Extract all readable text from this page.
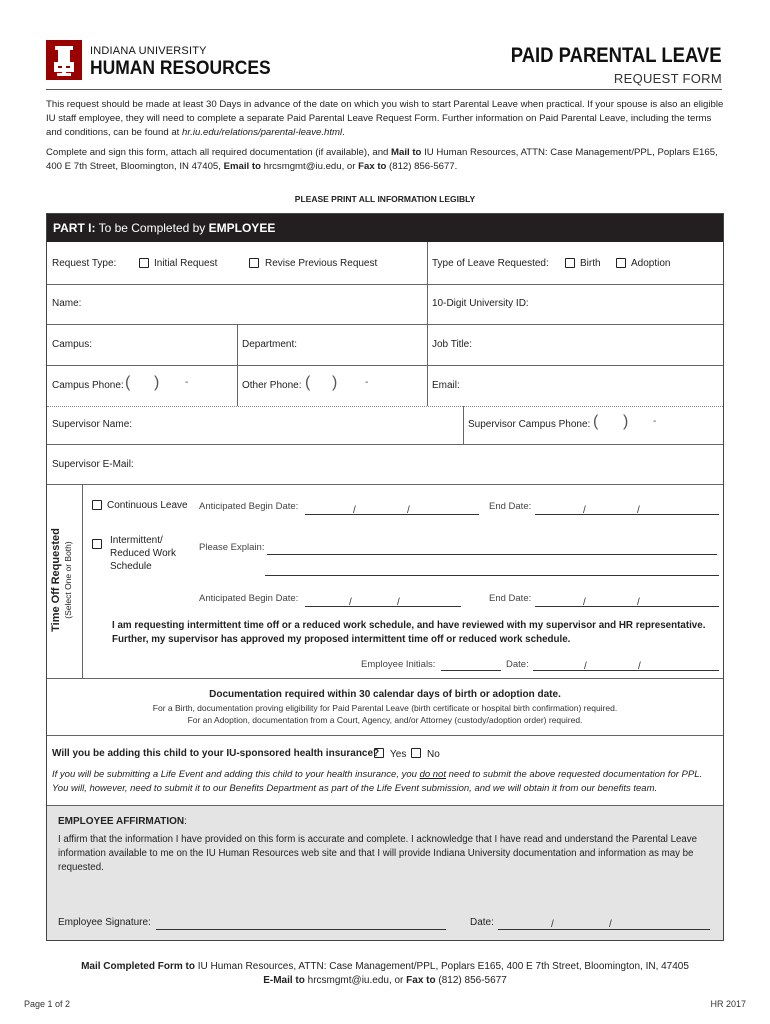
INDIANA UNIVERSITY
HUMAN RESOURCES
PAID PARENTAL LEAVE
REQUEST FORM

This request should be made at least 30 Days in advance of the date on which you wish to start Parental Leave when practical. If your spouse is also an eligible IU staff employee, they will need to complete a separate Paid Parental Leave Request Form. Further information on Paid Parental Leave, including the terms and conditions, can be found at hr.iu.edu/relations/parental-leave.html.

Complete and sign this form, attach all required documentation (if available), and Mail to IU Human Resources, ATTN: Case Management/PPL, Poplars E165, 400 E 7th Street, Bloomington, IN 47405, Email to hrcsmgmt@iu.edu, or Fax to (812) 856-5677.

PLEASE PRINT ALL INFORMATION LEGIBLY
PART I: To be Completed by EMPLOYEE
Request Type:	Initial Request	Revise Previous Request	Type of Leave Requested:	Birth	Adoption
Name:	10-Digit University ID:
Campus:	Department:	Job Title:
Campus Phone: ( )	-	Other Phone: ( )	-	Email:
Supervisor Name:	Supervisor Campus Phone: ( ) -
Supervisor E-Mail:
Time Off Requested (Select One or Both)
Continuous Leave Anticipated Begin Date:	/	/	End Date:	/	/
Intermittent/
Reduced Work
Schedule
Please Explain:
Anticipated Begin Date:	/	/	End Date:	/	/
I am requesting intermittent time off or a reduced work schedule, and have reviewed with my supervisor and HR representative.
Further, my supervisor has approved my proposed intermittent time off or reduced work schedule.
Employee Initials:	Date:	/	/
Documentation required within 30 calendar days of birth or adoption date.
For a Birth, documentation proving eligibility for Paid Parental Leave (birth certificate or hospital birth confirmation) required.
For an Adoption, documentation from a Court, Agency, and/or Attorney (custody/adoption order) required.
Will you be adding this child to your IU-sponsored health insurance? Yes No
If you will be submitting a Life Event and adding this child to your health insurance, you do not need to submit the above requested documentation for PPL.
You will, however, need to submit it to our Benefits Department as part of the Life Event submission, and we will obtain it from our benefits team.
EMPLOYEE AFFIRMATION:

I affirm that the information I have provided on this form is accurate and complete. I acknowledge that I have read and understand the Parental Leave information available to me on the IU Human Resources web site and that I will provide Indiana University documentation and information as may be requested.

Employee Signature:	Date:	/	/
Mail Completed Form to IU Human Resources, ATTN: Case Management/PPL, Poplars E165, 400 E 7th Street, Bloomington, IN, 47405
E-Mail to hrcsmgmt@iu.edu, or Fax to (812) 856-5677
Page 1 of 2	HR 2017
